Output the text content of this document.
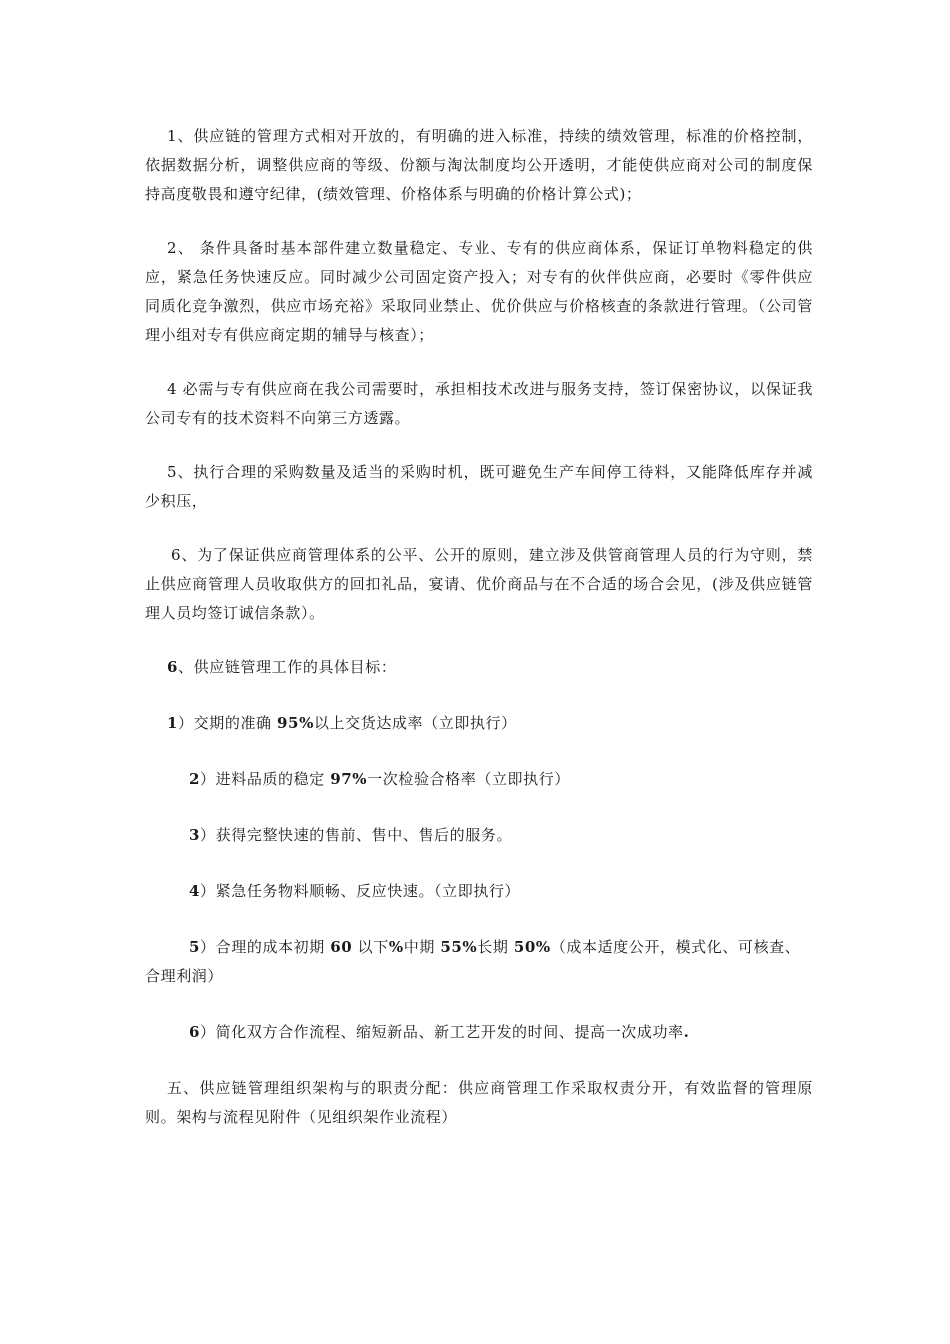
1、供应链的管理方式相对开放的，有明确的进入标准，持续的绩效管理，标准的价格控制，依据数据分析，调整供应商的等级、份额与淘汰制度均公开透明，才能使供应商对公司的制度保持高度敬畏和遵守纪律，(绩效管理、价格体系与明确的价格计算公式)；

2、 条件具备时基本部件建立数量稳定、专业、专有的供应商体系，保证订单物料稳定的供应，紧急任务快速反应。同时减少公司固定资产投入；对专有的伙伴供应商，必要时《零件供应同质化竞争激烈，供应市场充裕》采取同业禁止、优价供应与价格核查的条款进行管理。（公司管理小组对专有供应商定期的辅导与核查）；

4 必需与专有供应商在我公司需要时，承担相技术改进与服务支持，签订保密协议，以保证我公司专有的技术资料不向第三方透露。

5、执行合理的采购数量及适当的采购时机，既可避免生产车间停工待料，又能降低库存并减少积压，

6、为了保证供应商管理体系的公平、公开的原则，建立涉及供管商管理人员的行为守则，禁止供应商管理人员收取供方的回扣礼品，宴请、优价商品与在不合适的场合会见，(涉及供应链管理人员均签订诚信条款）。

6、供应链管理工作的具体目标：

1）交期的准确 95%以上交货达成率（立即执行）

2）进料品质的稳定 97%一次检验合格率（立即执行）

3）获得完整快速的售前、售中、售后的服务。

4）紧急任务物料顺畅、反应快速。（立即执行）

5）合理的成本初期 60 以下%中期 55%长期 50%（成本适度公开，模式化、可核查、合理利润）

6）简化双方合作流程、缩短新品、新工艺开发的时间、提高一次成功率.

五、供应链管理组织架构与的职责分配：供应商管理工作采取权责分开，有效监督的管理原则。架构与流程见附件（见组织架作业流程）
